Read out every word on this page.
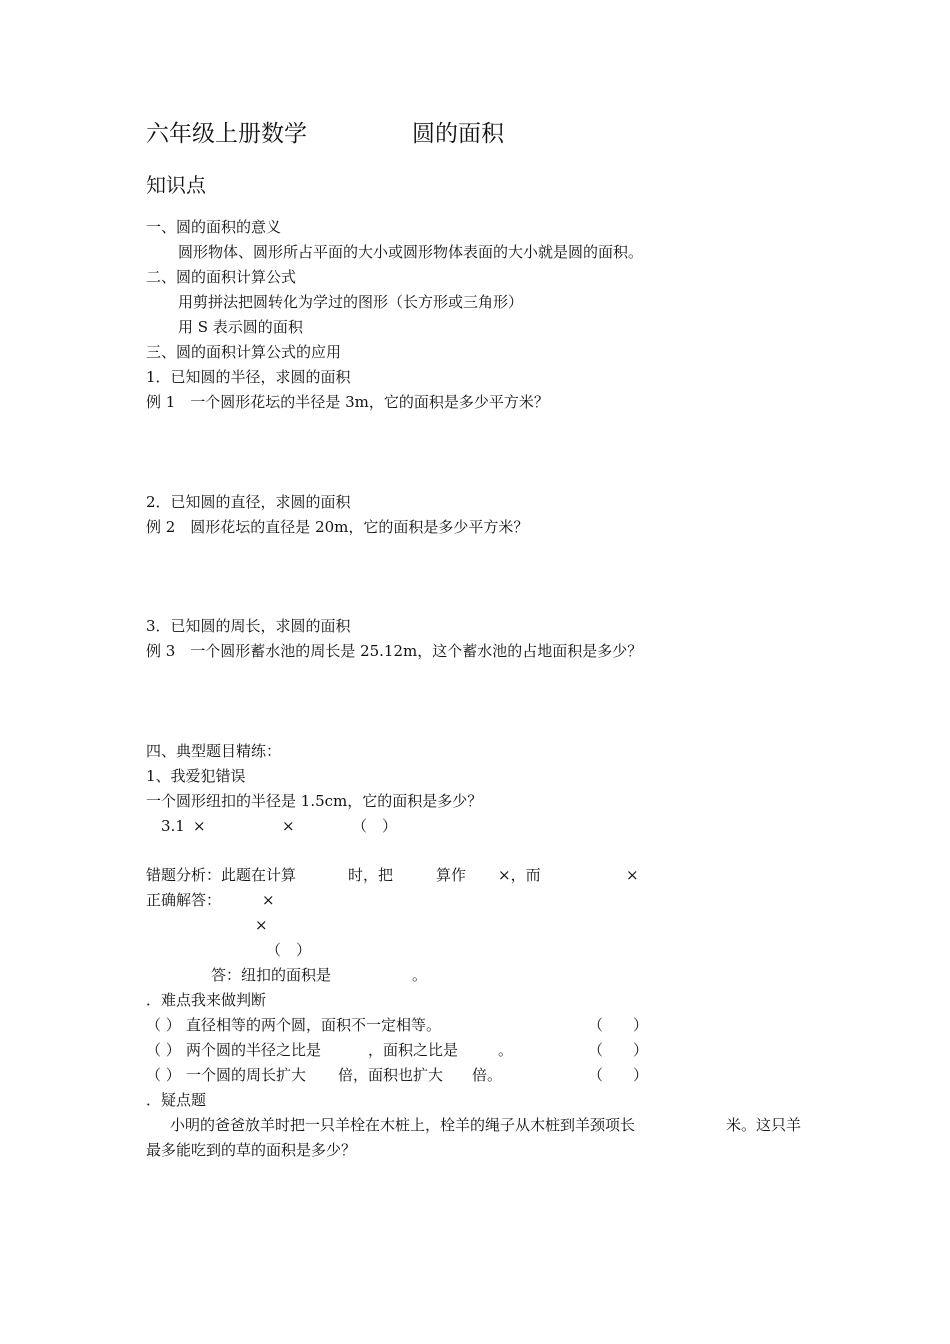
六年级上册数学	圆的面积
知识点
一、圆的面积的意义
圆形物体、圆形所占平面的大小或圆形物体表面的大小就是圆的面积。
二、圆的面积计算公式
用剪拼法把圆转化为学过的图形（长方形或三角形）
用 S 表示圆的面积
三、圆的面积计算公式的应用
1．已知圆的半径，求圆的面积
例 1　一个圆形花坛的半径是 3m，它的面积是多少平方米？
2．已知圆的直径，求圆的面积
例 2　圆形花坛的直径是 20m，它的面积是多少平方米？
3．已知圆的周长，求圆的面积
例 3　一个圆形蓄水池的周长是 25.12m，这个蓄水池的占地面积是多少？
四、典型题目精练：
1、我爱犯错误
一个圆形纽扣的半径是 1.5cm，它的面积是多少？
3.1 ×	×	（　）
错题分析：此题在计算	时，把	算作 ×，而	×
正确解答：	×
×
（　）
答：纽扣的面积是	。
．难点我来做判断
（ ） 直径相等的两个圆，面积不一定相等。	（　　）
（ ） 两个圆的半径之比是	，面积之比是	。	（　　）
（ ） 一个圆的周长扩大 倍，面积也扩大 倍。	（　　）
．疑点题
小明的爸爸放羊时把一只羊栓在木桩上，栓羊的绳子从木桩到羊颈项长	米。这只羊
最多能吃到的草的面积是多少？
